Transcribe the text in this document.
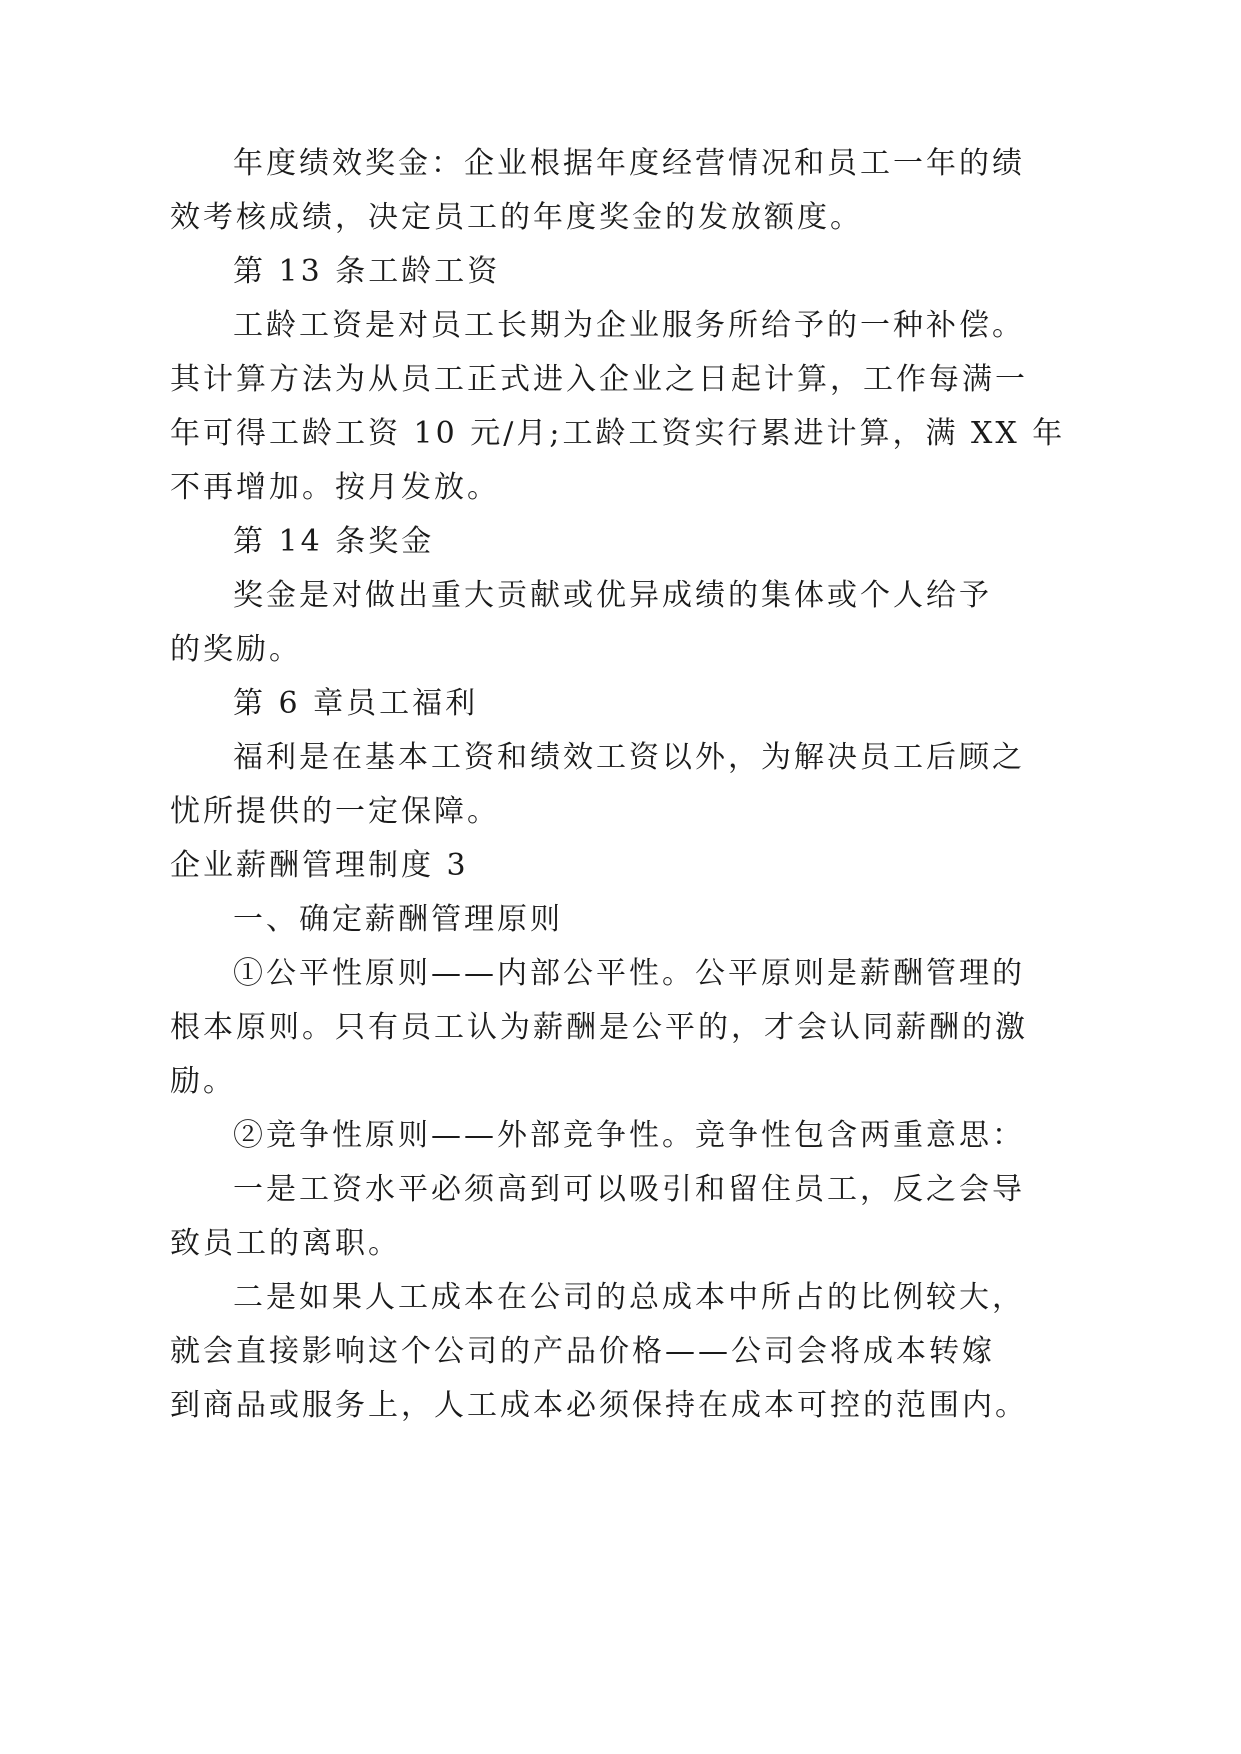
年度绩效奖金：企业根据年度经营情况和员工一年的绩
效考核成绩，决定员工的年度奖金的发放额度。
第 13 条工龄工资
工龄工资是对员工长期为企业服务所给予的一种补偿。
其计算方法为从员工正式进入企业之日起计算，工作每满一
年可得工龄工资 10 元/月;工龄工资实行累进计算，满 XX 年
不再增加。按月发放。
第 14 条奖金
奖金是对做出重大贡献或优异成绩的集体或个人给予
的奖励。
第 6 章员工福利
福利是在基本工资和绩效工资以外，为解决员工后顾之
忧所提供的一定保障。
企业薪酬管理制度 3
一、确定薪酬管理原则
①公平性原则——内部公平性。公平原则是薪酬管理的
根本原则。只有员工认为薪酬是公平的，才会认同薪酬的激
励。
②竞争性原则——外部竞争性。竞争性包含两重意思：
一是工资水平必须高到可以吸引和留住员工，反之会导
致员工的离职。
二是如果人工成本在公司的总成本中所占的比例较大，
就会直接影响这个公司的产品价格——公司会将成本转嫁
到商品或服务上，人工成本必须保持在成本可控的范围内。
